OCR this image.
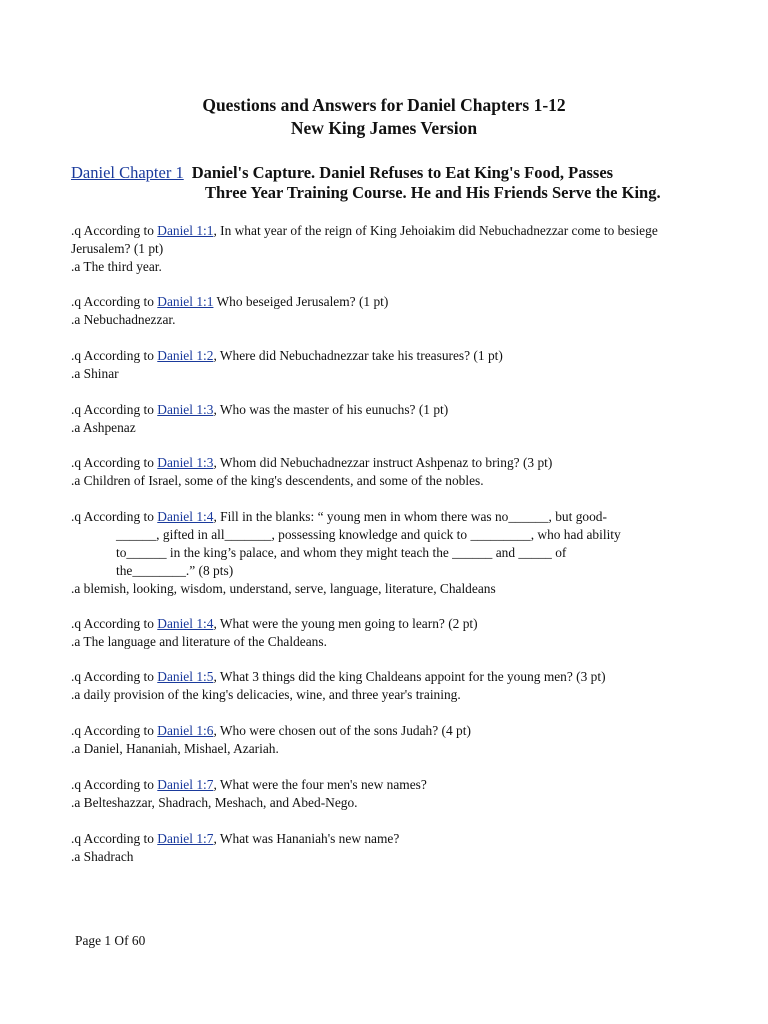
Questions and Answers for Daniel Chapters 1-12
New King James Version
Daniel Chapter 1 Daniel's Capture. Daniel Refuses to Eat King's Food, Passes
Three Year Training Course. He and His Friends Serve the King.
.q According to Daniel 1:1, In what year of the reign of King Jehoiakim did Nebuchadnezzar come to besiege Jerusalem? (1 pt)
.a The third year.
.q According to Daniel 1:1 Who beseiged Jerusalem? (1 pt)
.a Nebuchadnezzar.
.q According to Daniel 1:2, Where did Nebuchadnezzar take his treasures? (1 pt)
.a Shinar
.q According to Daniel 1:3, Who was the master of his eunuchs? (1 pt)
.a Ashpenaz
.q According to Daniel 1:3, Whom did Nebuchadnezzar instruct Ashpenaz to bring? (3 pt)
.a Children of Israel, some of the king's descendents, and some of the nobles.
.q According to Daniel 1:4, Fill in the blanks: “ young men in whom there was no______, but good-
______, gifted in all_______, possessing knowledge and quick to _________, who had ability
to______ in the king’s palace, and whom they might teach the ______ and _____ of
the________.” (8 pts)
.a blemish, looking, wisdom, understand, serve, language, literature, Chaldeans
.q According to Daniel 1:4, What were the young men going to learn? (2 pt)
.a The language and literature of the Chaldeans.
.q According to Daniel 1:5, What 3 things did the king Chaldeans appoint for the young men? (3 pt)
.a daily provision of the king's delicacies, wine, and three year's training.
.q According to Daniel 1:6, Who were chosen out of the sons Judah? (4 pt)
.a Daniel, Hananiah, Mishael, Azariah.
.q According to Daniel 1:7, What were the four men's new names?
.a Belteshazzar, Shadrach, Meshach, and Abed-Nego.
.q According to Daniel 1:7, What was Hananiah's new name?
.a Shadrach
Page 1 Of 60
